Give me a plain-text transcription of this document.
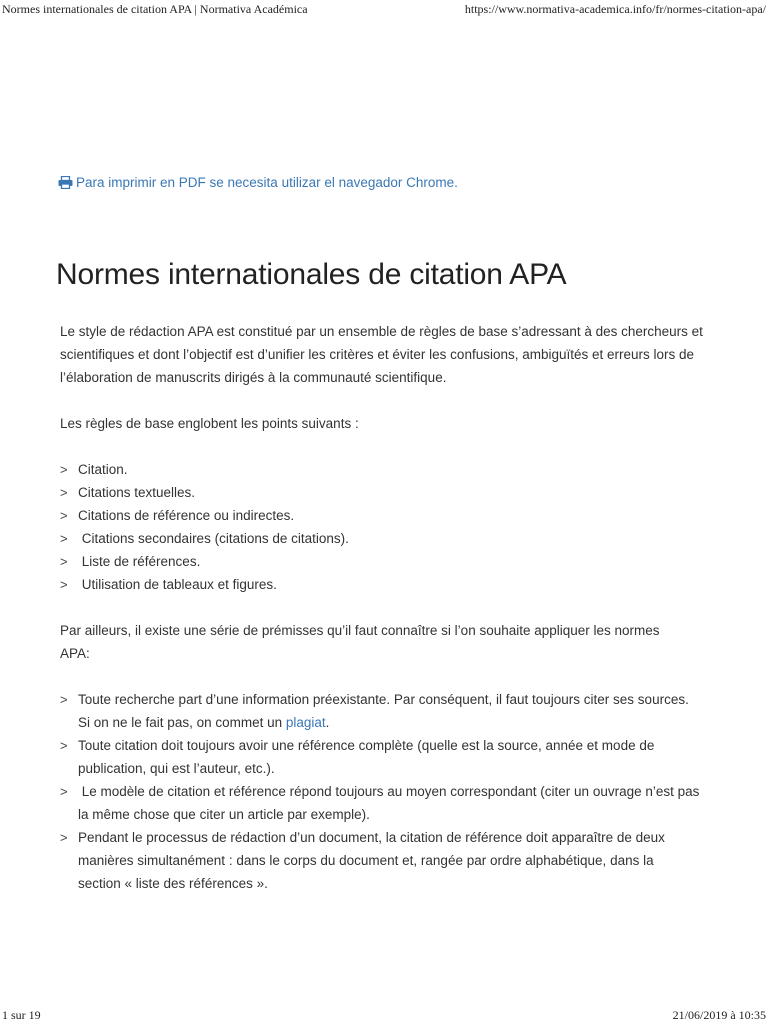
Normes internationales de citation APA | Normativa Académica	https://www.normativa-academica.info/fr/normes-citation-apa/
Para imprimir en PDF se necesita utilizar el navegador Chrome.
Normes internationales de citation APA

Le style de rédaction APA est constitué par un ensemble de règles de base s’adressant à des chercheurs et scientifiques et dont l’objectif est d’unifier les critères et éviter les confusions, ambiguïtés et erreurs lors de l’élaboration de manuscrits dirigés à la communauté scientifique.

Les règles de base englobent les points suivants :

> Citation.
> Citations textuelles.
> Citations de référence ou indirectes.
> Citations secondaires (citations de citations).
> Liste de références.
> Utilisation de tableaux et figures.

Par ailleurs, il existe une série de prémisses qu’il faut connaître si l’on souhaite appliquer les normes APA:

> Toute recherche part d’une information préexistante. Par conséquent, il faut toujours citer ses sources. Si on ne le fait pas, on commet un plagiat.
> Toute citation doit toujours avoir une référence complète (quelle est la source, année et mode de publication, qui est l’auteur, etc.).
> Le modèle de citation et référence répond toujours au moyen correspondant (citer un ouvrage n’est pas la même chose que citer un article par exemple).
> Pendant le processus de rédaction d’un document, la citation de référence doit apparaître de deux manières simultanément : dans le corps du document et, rangée par ordre alphabétique, dans la section « liste des références ».
1 sur 19	21/06/2019 à 10:35
